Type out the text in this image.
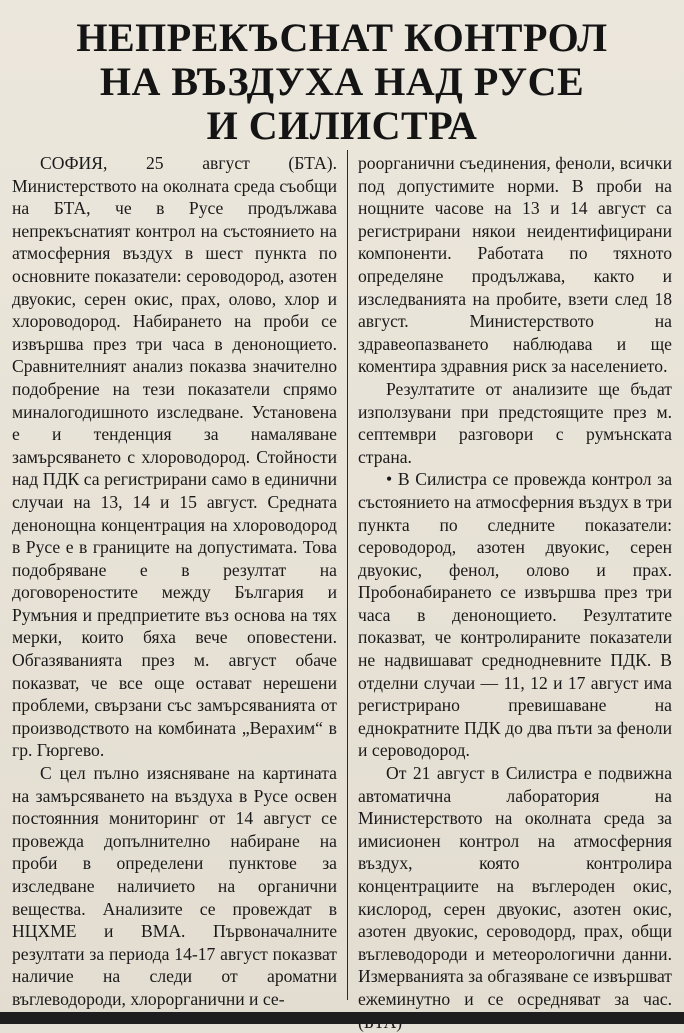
НЕПРЕКЪСНАТ КОНТРОЛ
НА ВЪЗДУХА НАД РУСЕ
И СИЛИСТРА

СОФИЯ, 25 август (БТА). Министерството на околната среда съобщи на БТА, че в Русе продължава непрекъснатият контрол на състоянието на атмосферния въздух в шест пункта по основните показатели: сероводород, азотен двуокис, серен окис, прах, олово, хлор и хлороводород. Набирането на проби се извършва през три часа в денонощието. Сравнителният анализ показва значително подобрение на тези показатели спрямо миналогодишното изследване. Установена е и тенденция за намаляване замърсяването с хлороводород. Стойности над ПДК са регистрирани само в единични случаи на 13, 14 и 15 август. Средната денонощна концентрация на хлороводород в Русе е в границите на допустимата. Това подобряване е в резултат на договореностите между България и Румъния и предприетите въз основа на тях мерки, които бяха вече оповестени. Обгазяванията през м. август обаче показват, че все още остават нерешени проблеми, свързани със замърсяванията от производството на комбината „Верахим“ в гр. Гюргево.

С цел пълно изясняване на картината на замърсяването на въздуха в Русе освен постоянния мониторинг от 14 август се провежда допълнително набиране на проби в определени пунктове за изследване наличието на органични вещества. Анализите се провеждат в НЦХМЕ и ВМА. Първоначалните резултати за периода 14-17 август показват наличие на следи от ароматни въглеводороди, хлорорганични и се-

роорганични съединения, феноли, всички под допустимите норми. В проби на нощните часове на 13 и 14 август са регистрирани някои неидентифицирани компоненти. Работата по тяхното определяне продължава, както и изследванията на пробите, взети след 18 август. Министерството на здравеопазването наблюдава и ще коментира здравния риск за населението.

Резултатите от анализите ще бъдат използувани при предстоящите през м. септември разговори с румънската страна.

• В Силистра се провежда контрол за състоянието на атмосферния въздух в три пункта по следните показатели: сероводород, азотен двуокис, серен двуокис, фенол, олово и прах. Пробонабирането се извършва през три часа в денонощието. Резултатите показват, че контролираните показатели не надвишават средноднeвните ПДК. В отделни случаи — 11, 12 и 17 август има регистрирано превишаване на еднократните ПДК до два пъти за феноли и сероводород.

От 21 август в Силистра е подвижна автоматична лаборатория на Министерството на околната среда за имисионен контрол на атмосферния въздух, която контролира концентрациите на въглероден окис, кислород, серен двуокис, азотен окис, азотен двуокис, сероводорд, прах, общи въглеводороди и метеорологични данни. Измерванията за обгазяване се извършват ежеминутно и се осредняват за час.
